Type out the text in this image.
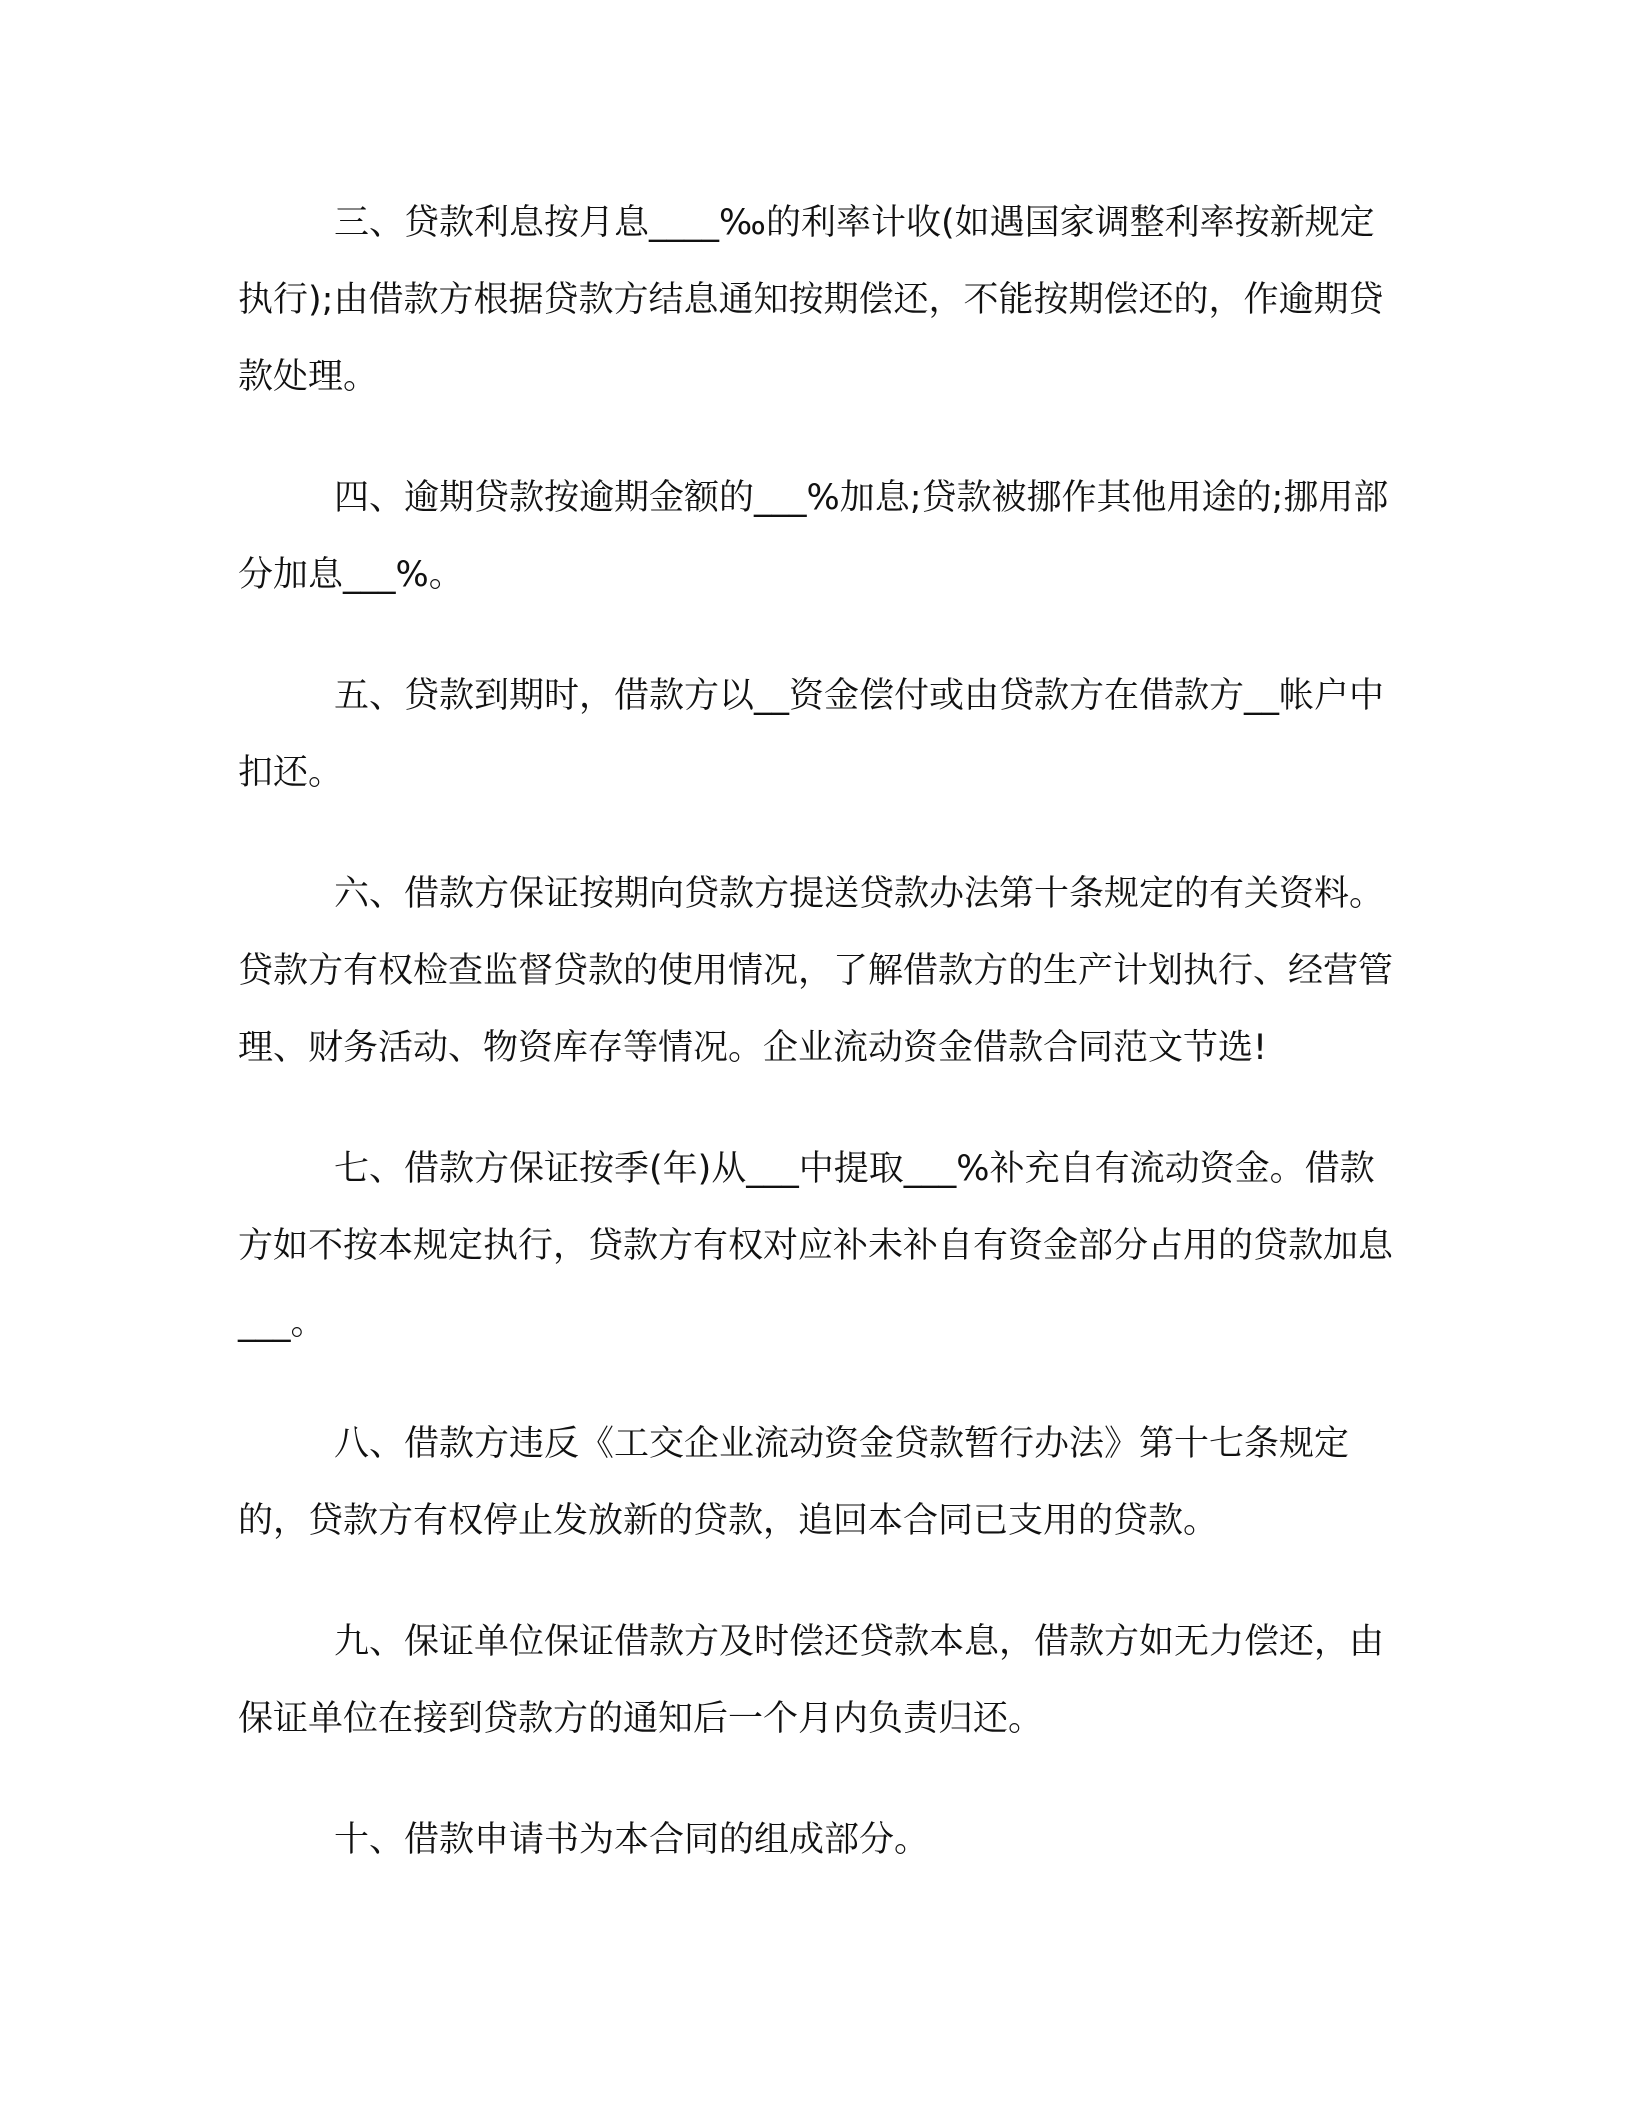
三、贷款利息按月息____‰的利率计收(如遇国家调整利率按新规定执行);由借款方根据贷款方结息通知按期偿还，不能按期偿还的，作逾期贷款处理。

四、逾期贷款按逾期金额的___%加息;贷款被挪作其他用途的;挪用部分加息___%。

五、贷款到期时，借款方以__资金偿付或由贷款方在借款方__帐户中扣还。

六、借款方保证按期向贷款方提送贷款办法第十条规定的有关资料。贷款方有权检查监督贷款的使用情况，了解借款方的生产计划执行、经营管理、财务活动、物资库存等情况。企业流动资金借款合同范文节选!

七、借款方保证按季(年)从___中提取___%补充自有流动资金。借款方如不按本规定执行，贷款方有权对应补未补自有资金部分占用的贷款加息___。

八、借款方违反《工交企业流动资金贷款暂行办法》第十七条规定的，贷款方有权停止发放新的贷款，追回本合同已支用的贷款。

九、保证单位保证借款方及时偿还贷款本息，借款方如无力偿还，由保证单位在接到贷款方的通知后一个月内负责归还。

十、借款申请书为本合同的组成部分。
